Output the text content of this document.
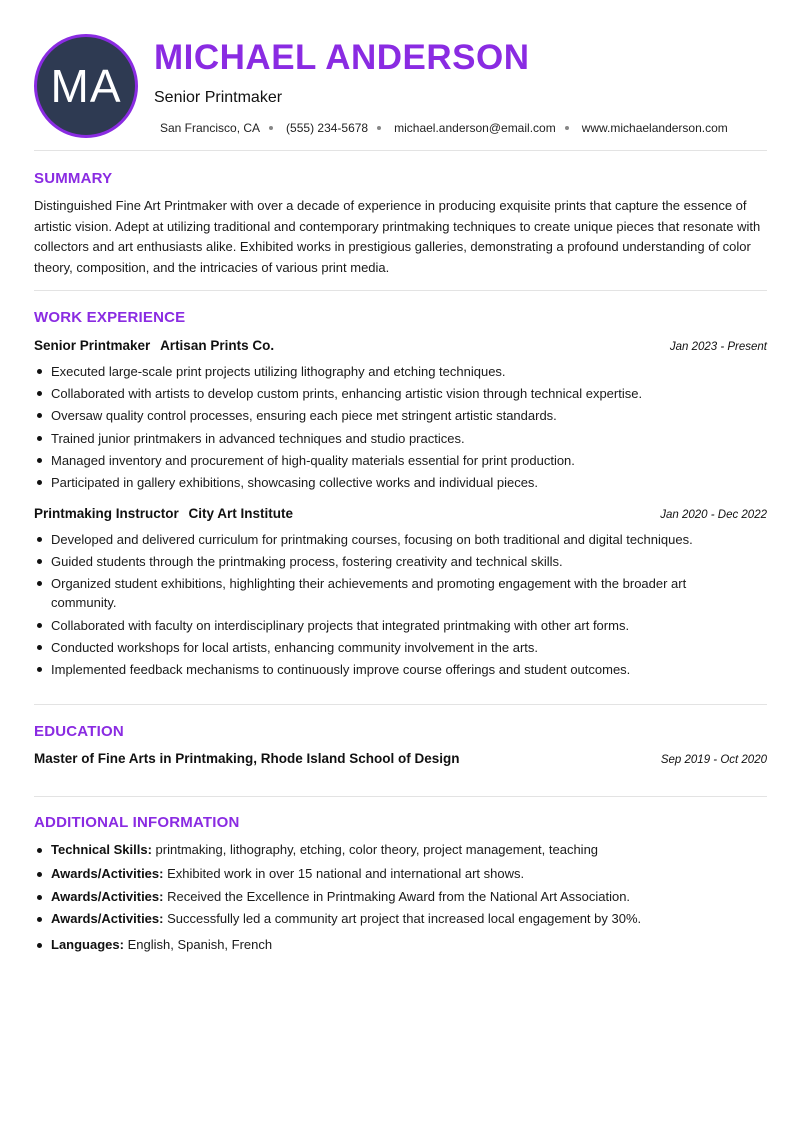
MA
MICHAEL ANDERSON
Senior Printmaker
San Francisco, CA (555) 234-5678 michael.anderson@email.com www.michaelanderson.com
SUMMARY

Distinguished Fine Art Printmaker with over a decade of experience in producing exquisite prints that capture the essence of artistic vision. Adept at utilizing traditional and contemporary printmaking techniques to create unique pieces that resonate with collectors and art enthusiasts alike. Exhibited works in prestigious galleries, demonstrating a profound understanding of color theory, composition, and the intricacies of various print media.

WORK EXPERIENCE
Senior Printmaker Artisan Prints Co.	Jan 2023 - Present
Executed large-scale print projects utilizing lithography and etching techniques.
Collaborated with artists to develop custom prints, enhancing artistic vision through technical expertise.
Oversaw quality control processes, ensuring each piece met stringent artistic standards.
Trained junior printmakers in advanced techniques and studio practices.
Managed inventory and procurement of high-quality materials essential for print production.
Participated in gallery exhibitions, showcasing collective works and individual pieces.
Printmaking Instructor City Art Institute	Jan 2020 - Dec 2022
Developed and delivered curriculum for printmaking courses, focusing on both traditional and digital techniques.
Guided students through the printmaking process, fostering creativity and technical skills.
Organized student exhibitions, highlighting their achievements and promoting engagement with the broader art community.
Collaborated with faculty on interdisciplinary projects that integrated printmaking with other art forms.
Conducted workshops for local artists, enhancing community involvement in the arts.
Implemented feedback mechanisms to continuously improve course offerings and student outcomes.
EDUCATION
Master of Fine Arts in Printmaking, Rhode Island School of Design	Sep 2019 - Oct 2020
ADDITIONAL INFORMATION
Technical Skills: printmaking, lithography, etching, color theory, project management, teaching
Awards/Activities: Exhibited work in over 15 national and international art shows.
Awards/Activities: Received the Excellence in Printmaking Award from the National Art Association.
Awards/Activities: Successfully led a community art project that increased local engagement by 30%.
Languages: English, Spanish, French
